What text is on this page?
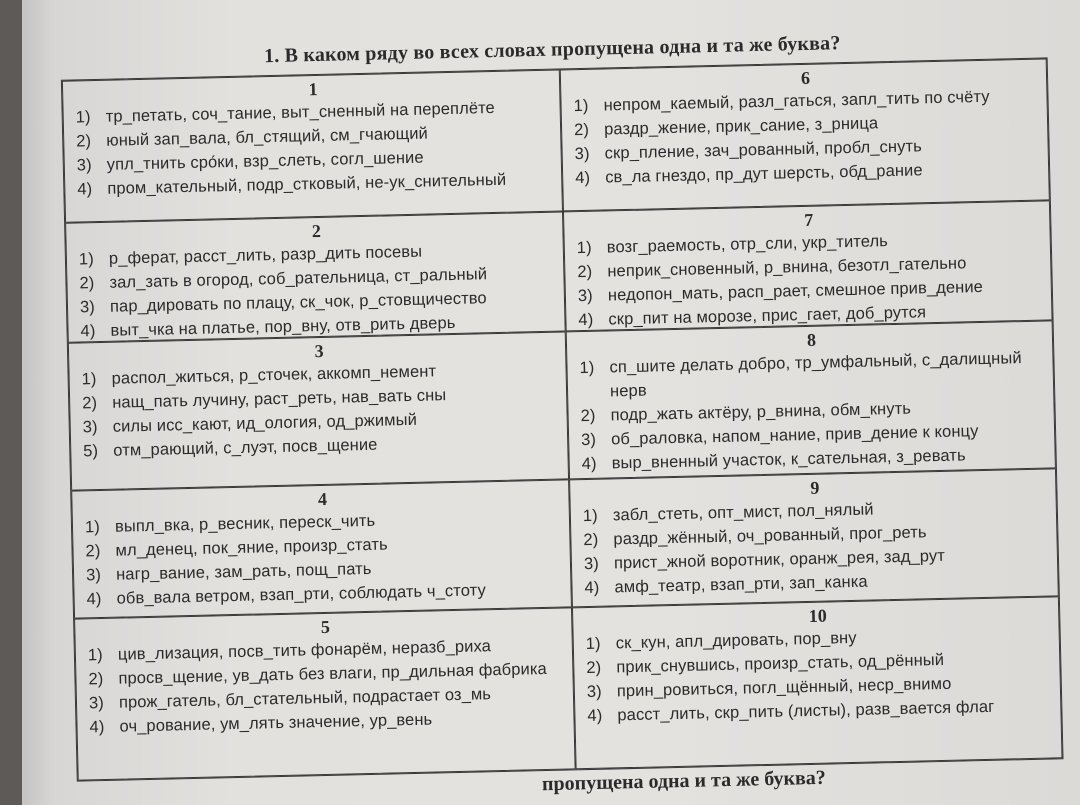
1. В каком ряду во всех словах пропущена одна и та же буква?
1
1) тр_петать, соч_тание, выт_сненный на переплёте
2) юный зап_вала, бл_стящий, см_гчающий
3) упл_тнить сро́ки, взр_слеть, согл_шение
4) пром_кательный, подр_стковый, не-ук_снительный
6
1) непром_каемый, разл_гаться, запл_тить по счёту
2) раздр_жение, прик_сание, з_рница
3) скр_пление, зач_рованный, пробл_снуть
4) св_ла гнездо, пр_дут шерсть, обд_рание
2
1) р_ферат, расст_лить, разр_дить посевы
2) зал_зать в огород, соб_рательница, ст_ральный
3) пар_дировать по плацу, ск_чок, р_стовщичество
4) выт_чка на платье, пор_вну, отв_рить дверь
7
1) возг_раемость, отр_сли, укр_титель
2) неприк_сновенный, р_внина, безотл_гательно
3) недопон_мать, расп_рает, смешное прив_дение
4) скр_пит на морозе, прис_гает, доб_рутся
3
1) распол_житься, р_сточек, аккомп_немент
2) нащ_пать лучину, раст_реть, нав_вать сны
3) силы исс_кают, ид_ология, од_ржимый
5) отм_рающий, с_луэт, посв_щение
8
1) сп_шите делать добро, тр_умфальный, с_далищный нерв
2) подр_жать актёру, р_внина, обм_кнуть
3) об_раловка, напом_нание, прив_дение к концу
4) выр_вненный участок, к_сательная, з_ревать
4
1) выпл_вка, р_весник, переск_чить
2) мл_денец, пок_яние, произр_стать
3) нагр_вание, зам_рать, пощ_пать
4) обв_вала ветром, взап_рти, соблюдать ч_стоту
9
1) забл_стеть, опт_мист, пол_нялый
2) раздр_жённый, оч_рованный, прог_реть
3) прист_жной воротник, оранж_рея, зад_рут
4) амф_театр, взап_рти, зап_канка
5
1) цив_лизация, посв_тить фонарём, неразб_риха
2) просв_щение, ув_дать без влаги, пр_дильная фабрика
3) прож_гатель, бл_стательный, подрастает оз_мь
4) оч_рование, ум_лять значение, ур_вень
10
1) ск_кун, апл_дировать, пор_вну
2) прик_снувшись, произр_стать, од_рённый
3) прин_ровиться, погл_щённый, неср_внимо
4) расст_лить, скр_пить (листы), разв_вается флаг
пропущена одна и та же буква?
